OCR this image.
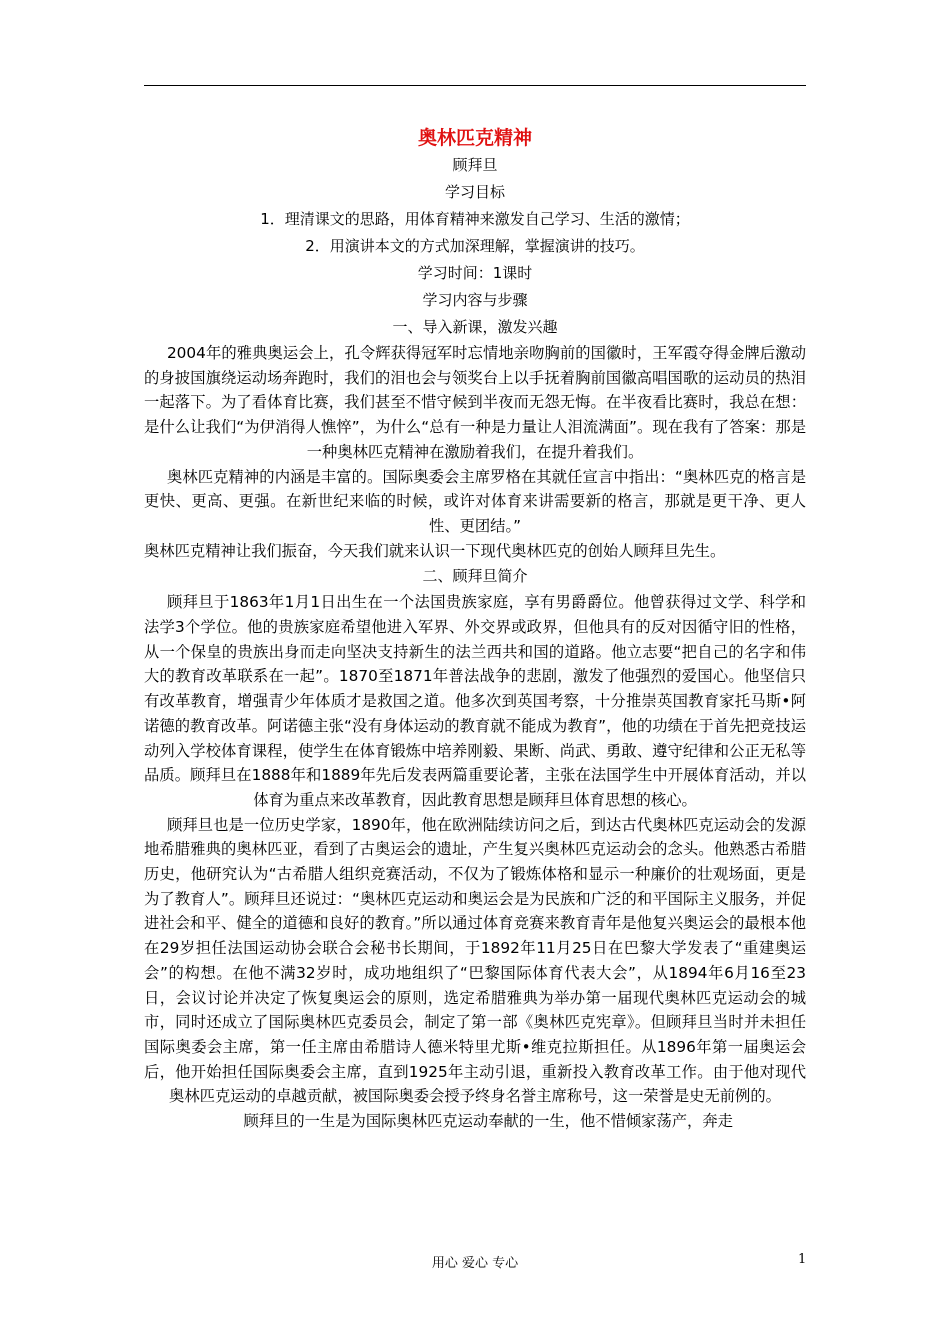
奥林匹克精神
顾拜旦
学习目标
1．理清课文的思路，用体育精神来激发自己学习、生活的激情；
2．用演讲本文的方式加深理解，掌握演讲的技巧。
学习时间：1课时
学习内容与步骤
一、导入新课，激发兴趣
2004年的雅典奥运会上，孔令辉获得冠军时忘情地亲吻胸前的国徽时，王军霞夺得金牌后激动的身披国旗绕运动场奔跑时，我们的泪也会与领奖台上以手抚着胸前国徽高唱国歌的运动员的热泪一起落下。为了看体育比赛，我们甚至不惜守候到半夜而无怨无悔。在半夜看比赛时，我总在想：是什么让我们“为伊消得人憔悴”，为什么“总有一种是力量让人泪流满面”。现在我有了答案：那是一种奥林匹克精神在激励着我们，在提升着我们。
奥林匹克精神的内涵是丰富的。国际奥委会主席罗格在其就任宣言中指出：“奥林匹克的格言是更快、更高、更强。在新世纪来临的时候，或许对体育来讲需要新的格言，那就是更干净、更人性、更团结。”
奥林匹克精神让我们振奋，今天我们就来认识一下现代奥林匹克的创始人顾拜旦先生。
二、顾拜旦简介
顾拜旦于1863年1月1日出生在一个法国贵族家庭，享有男爵爵位。他曾获得过文学、科学和法学3个学位。他的贵族家庭希望他进入军界、外交界或政界，但他具有的反对因循守旧的性格，从一个保皇的贵族出身而走向坚决支持新生的法兰西共和国的道路。他立志要“把自己的名字和伟大的教育改革联系在一起”。1870至1871年普法战争的悲剧，激发了他强烈的爱国心。他坚信只有改革教育，增强青少年体质才是救国之道。他多次到英国考察，十分推崇英国教育家托马斯•阿诺德的教育改革。阿诺德主张“没有身体运动的教育就不能成为教育”，他的功绩在于首先把竞技运动列入学校体育课程，使学生在体育锻炼中培养刚毅、果断、尚武、勇敢、遵守纪律和公正无私等品质。顾拜旦在1888年和1889年先后发表两篇重要论著，主张在法国学生中开展体育活动，并以体育为重点来改革教育，因此教育思想是顾拜旦体育思想的核心。
顾拜旦也是一位历史学家，1890年，他在欧洲陆续访问之后，到达古代奥林匹克运动会的发源地希腊雅典的奥林匹亚，看到了古奥运会的遗址，产生复兴奥林匹克运动会的念头。他熟悉古希腊历史，他研究认为“古希腊人组织竞赛活动，不仅为了锻炼体格和显示一种廉价的壮观场面，更是为了教育人”。顾拜旦还说过：“奥林匹克运动和奥运会是为民族和广泛的和平国际主义服务，并促进社会和平、健全的道德和良好的教育。”所以通过体育竞赛来教育青年是他复兴奥运会的最根本他在29岁担任法国运动协会联合会秘书长期间，于1892年11月25日在巴黎大学发表了“重建奥运会”的构想。在他不满32岁时，成功地组织了“巴黎国际体育代表大会”，从1894年6月16至23日，会议讨论并决定了恢复奥运会的原则，选定希腊雅典为举办第一届现代奥林匹克运动会的城市，同时还成立了国际奥林匹克委员会，制定了第一部《奥林匹克宪章》。但顾拜旦当时并未担任国际奥委会主席，第一任主席由希腊诗人德米特里尤斯•维克拉斯担任。从1896年第一届奥运会后，他开始担任国际奥委会主席，直到1925年主动引退，重新投入教育改革工作。由于他对现代奥林匹克运动的卓越贡献，被国际奥委会授予终身名誉主席称号，这一荣誉是史无前例的。
顾拜旦的一生是为国际奥林匹克运动奉献的一生，他不惜倾家荡产，奔走
用心 爱心 专心	1
